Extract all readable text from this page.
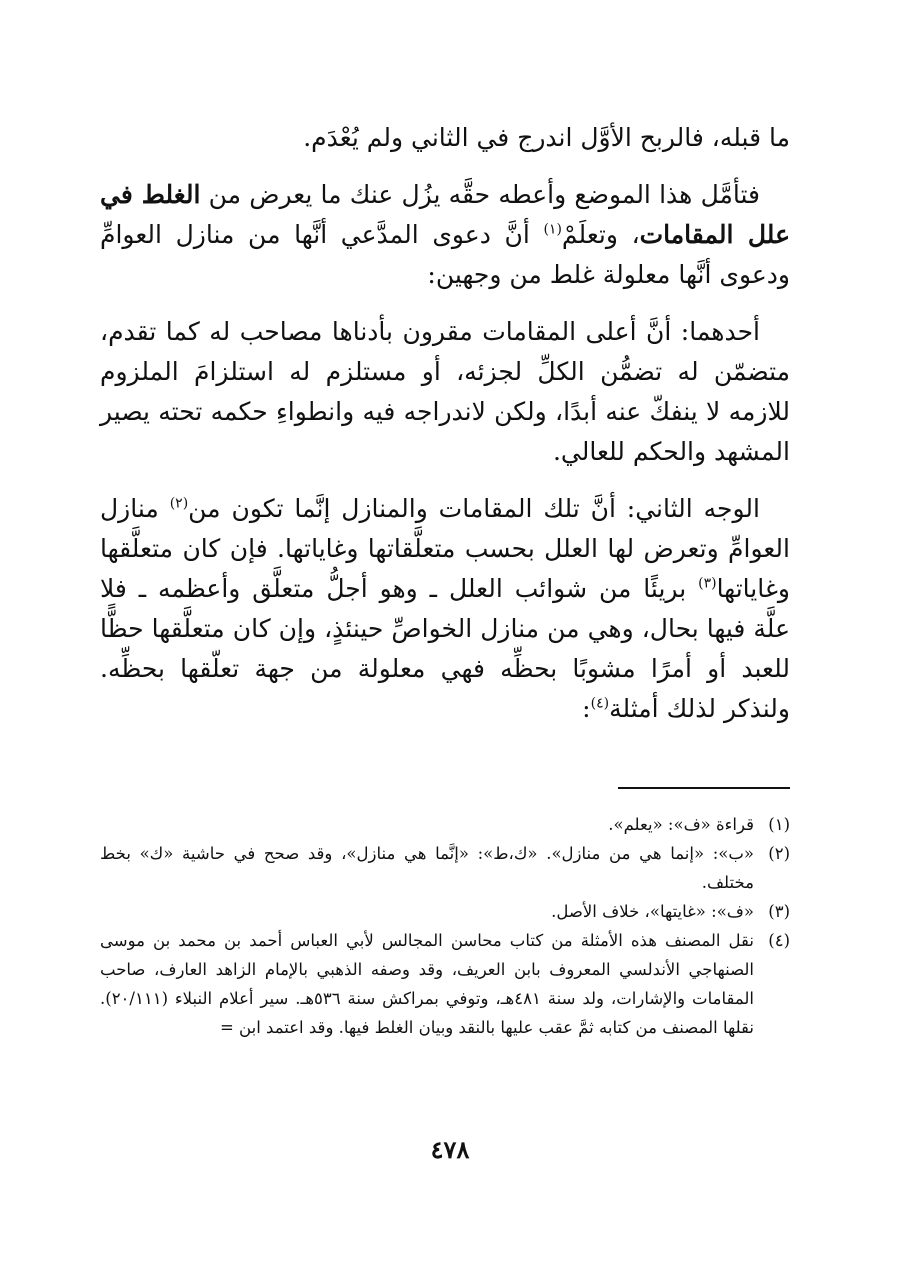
ما قبله، فالربح الأوَّل اندرج في الثاني ولم يُعْدَم.

فتأمَّل هذا الموضع وأعطه حقَّه يزُل عنك ما يعرض من الغلط في علل المقامات، وتعلَمْ$^{(١)}$ أنَّ دعوى المدَّعي أنَّها من منازل العوامِّ ودعوى أنَّها معلولة غلط من وجهين:

أحدهما: أنَّ أعلى المقامات مقرون بأدناها مصاحب له كما تقدم، متضمّن له تضمُّن الكلِّ لجزئه، أو مستلزم له استلزامَ الملزوم للازمه لا ينفكّ عنه أبدًا، ولكن لاندراجه فيه وانطواءِ حكمه تحته يصير المشهد والحكم للعالي.

الوجه الثاني: أنَّ تلك المقامات والمنازل إنَّما تكون من$^{(٢)}$ منازل العوامِّ وتعرض لها العلل بحسب متعلَّقاتها وغاياتها. فإن كان متعلَّقها وغاياتها$^{(٣)}$ بريئًا من شوائب العلل ـ وهو أجلُّ متعلَّق وأعظمه ـ فلا علَّة فيها بحال، وهي من منازل الخواصِّ حينئذٍ، وإن كان متعلَّقها حظًّا للعبد أو أمرًا مشوبًا بحظِّه فهي معلولة من جهة تعلّقها بحظِّه. ولنذكر لذلك أمثلة$^{(٤)}$:

(١)
قراءة «ف»: «يعلم».
(٢)
«ب»: «إنما هي من منازل». «ك،ط»: «إنَّما هي منازل»، وقد صحح في حاشية «ك» بخط مختلف.
(٣)
«ف»: «غايتها»، خلاف الأصل.
(٤)
نقل المصنف هذه الأمثلة من كتاب محاسن المجالس لأبي العباس أحمد بن محمد بن موسى الصنهاجي الأندلسي المعروف بابن العريف، وقد وصفه الذهبي بالإمام الزاهد العارف، صاحب المقامات والإشارات، ولد سنة ٤٨١هـ، وتوفي بمراكش سنة ٥٣٦هـ. سير أعلام النبلاء (٢٠/١١١). نقلها المصنف من كتابه ثمَّ عقب عليها بالنقد وبيان الغلط فيها. وقد اعتمد ابن =
٤٧٨
